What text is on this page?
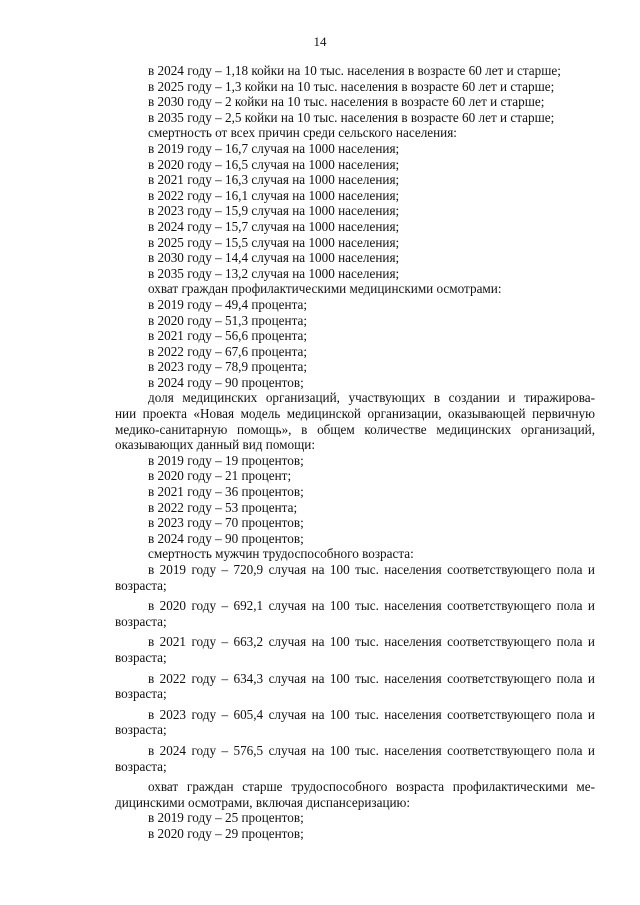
14
в 2024 году – 1,18 койки на 10 тыс. населения в возрасте 60 лет и старше;
в 2025 году – 1,3 койки на 10 тыс. населения в возрасте 60 лет и старше;
в 2030 году – 2 койки на 10 тыс. населения в возрасте 60 лет и старше;
в 2035 году – 2,5 койки на 10 тыс. населения в возрасте 60 лет и старше;
смертность от всех причин среди сельского населения:
в 2019 году – 16,7 случая на 1000 населения;
в 2020 году – 16,5 случая на 1000 населения;
в 2021 году – 16,3 случая на 1000 населения;
в 2022 году – 16,1 случая на 1000 населения;
в 2023 году – 15,9 случая на 1000 населения;
в 2024 году – 15,7 случая на 1000 населения;
в 2025 году – 15,5 случая на 1000 населения;
в 2030 году – 14,4 случая на 1000 населения;
в 2035 году – 13,2 случая на 1000 населения;
охват граждан профилактическими медицинскими осмотрами:
в 2019 году – 49,4 процента;
в 2020 году – 51,3 процента;
в 2021 году – 56,6 процента;
в 2022 году – 67,6 процента;
в 2023 году – 78,9 процента;
в 2024 году – 90 процентов;
доля медицинских организаций, участвующих в создании и тиражирова-
нии проекта «Новая модель медицинской организации, оказывающей первичную
медико-санитарную помощь», в общем количестве медицинских организаций,
оказывающих данный вид помощи:
в 2019 году – 19 процентов;
в 2020 году – 21 процент;
в 2021 году – 36 процентов;
в 2022 году – 53 процента;
в 2023 году – 70 процентов;
в 2024 году – 90 процентов;
смертность мужчин трудоспособного возраста:
в 2019 году – 720,9 случая на 100 тыс. населения соответствующего пола и
возраста;
в 2020 году – 692,1 случая на 100 тыс. населения соответствующего пола и
возраста;
в 2021 году – 663,2 случая на 100 тыс. населения соответствующего пола и
возраста;
в 2022 году – 634,3 случая на 100 тыс. населения соответствующего пола и
возраста;
в 2023 году – 605,4 случая на 100 тыс. населения соответствующего пола и
возраста;
в 2024 году – 576,5 случая на 100 тыс. населения соответствующего пола и
возраста;
охват граждан старше трудоспособного возраста профилактическими ме-
дицинскими осмотрами, включая диспансеризацию:
в 2019 году – 25 процентов;
в 2020 году – 29 процентов;
